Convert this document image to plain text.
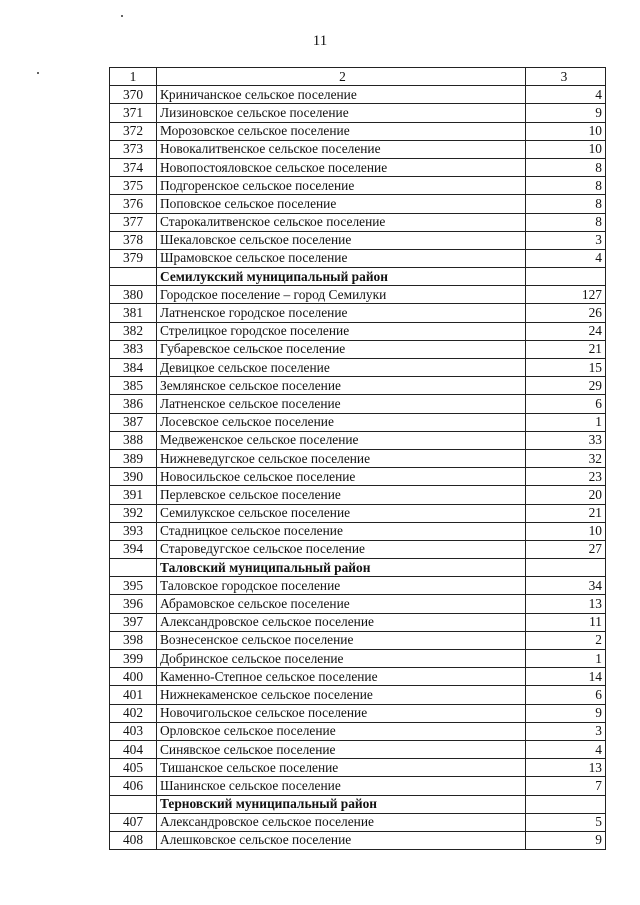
11
1	2	3
370	Криничанское сельское поселение	4
371	Лизиновское сельское поселение	9
372	Морозовское сельское поселение	10
373	Новокалитвенское сельское поселение	10
374	Новопостояловское сельское поселение	8
375	Подгоренское сельское поселение	8
376	Поповское сельское поселение	8
377	Старокалитвенское сельское поселение	8
378	Шекаловское сельское поселение	3
379	Шрамовское сельское поселение	4
	Семилукский муниципальный район	
380	Городское поселение – город Семилуки	127
381	Латненское городское поселение	26
382	Стрелицкое городское поселение	24
383	Губаревское сельское поселение	21
384	Девицкое сельское поселение	15
385	Землянское сельское поселение	29
386	Латненское сельское поселение	6
387	Лосевское сельское поселение	1
388	Медвеженское сельское поселение	33
389	Нижневедугское сельское поселение	32
390	Новосильское сельское поселение	23
391	Перлевское сельское поселение	20
392	Семилукское сельское поселение	21
393	Стадницкое сельское поселение	10
394	Староведугское сельское поселение	27
	Таловский муниципальный район	
395	Таловское городское поселение	34
396	Абрамовское сельское поселение	13
397	Александровское сельское поселение	11
398	Вознесенское сельское поселение	2
399	Добринское сельское поселение	1
400	Каменно-Степное сельское поселение	14
401	Нижнекаменское сельское поселение	6
402	Новочигольское сельское поселение	9
403	Орловское сельское поселение	3
404	Синявское сельское поселение	4
405	Тишанское сельское поселение	13
406	Шанинское сельское поселение	7
	Терновский муниципальный район	
407	Александровское сельское поселение	5
408	Алешковское сельское поселение	9
